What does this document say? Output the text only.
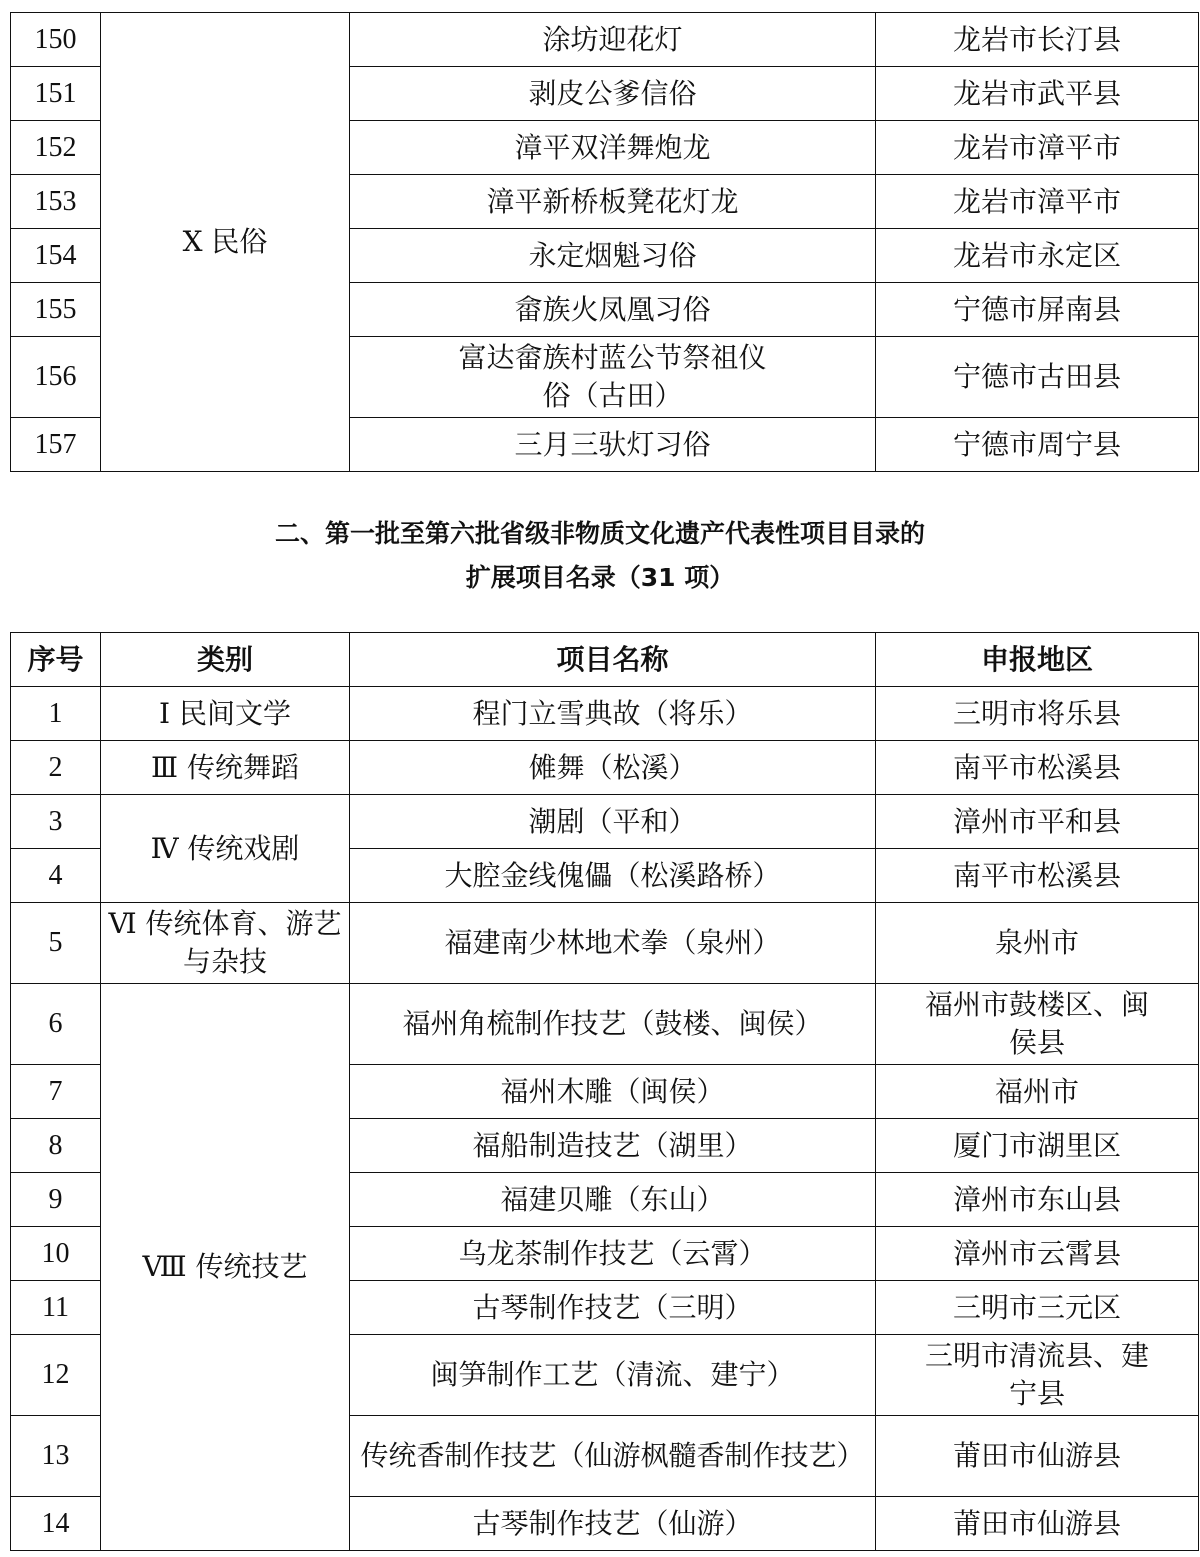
150	Ⅹ 民俗	涂坊迎花灯	龙岩市长汀县
151		剥皮公爹信俗	龙岩市武平县
152		漳平双洋舞炮龙	龙岩市漳平市
153		漳平新桥板凳花灯龙	龙岩市漳平市
154		永定烟魁习俗	龙岩市永定区
155		畲族火凤凰习俗	宁德市屏南县
156		富达畲族村蓝公节祭祖仪俗（古田）	宁德市古田县
157		三月三驮灯习俗	宁德市周宁县
二、第一批至第六批省级非物质文化遗产代表性项目目录的
扩展项目名录（31 项）
序号	类别	项目名称	申报地区
1	Ⅰ 民间文学	程门立雪典故（将乐）	三明市将乐县
2	Ⅲ 传统舞蹈	傩舞（松溪）	南平市松溪县
3	Ⅳ 传统戏剧	潮剧（平和）	漳州市平和县
4		大腔金线傀儡（松溪路桥）	南平市松溪县
5	Ⅵ 传统体育、游艺与杂技	福建南少林地术拳（泉州）	泉州市
6	Ⅷ 传统技艺	福州角梳制作技艺（鼓楼、闽侯）	福州市鼓楼区、闽侯县
7		福州木雕（闽侯）	福州市
8		福船制造技艺（湖里）	厦门市湖里区
9		福建贝雕（东山）	漳州市东山县
10		乌龙茶制作技艺（云霄）	漳州市云霄县
11		古琴制作技艺（三明）	三明市三元区
12		闽笋制作工艺（清流、建宁）	三明市清流县、建宁县
13		传统香制作技艺（仙游枫髓香制作技艺）	莆田市仙游县
14		古琴制作技艺（仙游）	莆田市仙游县
